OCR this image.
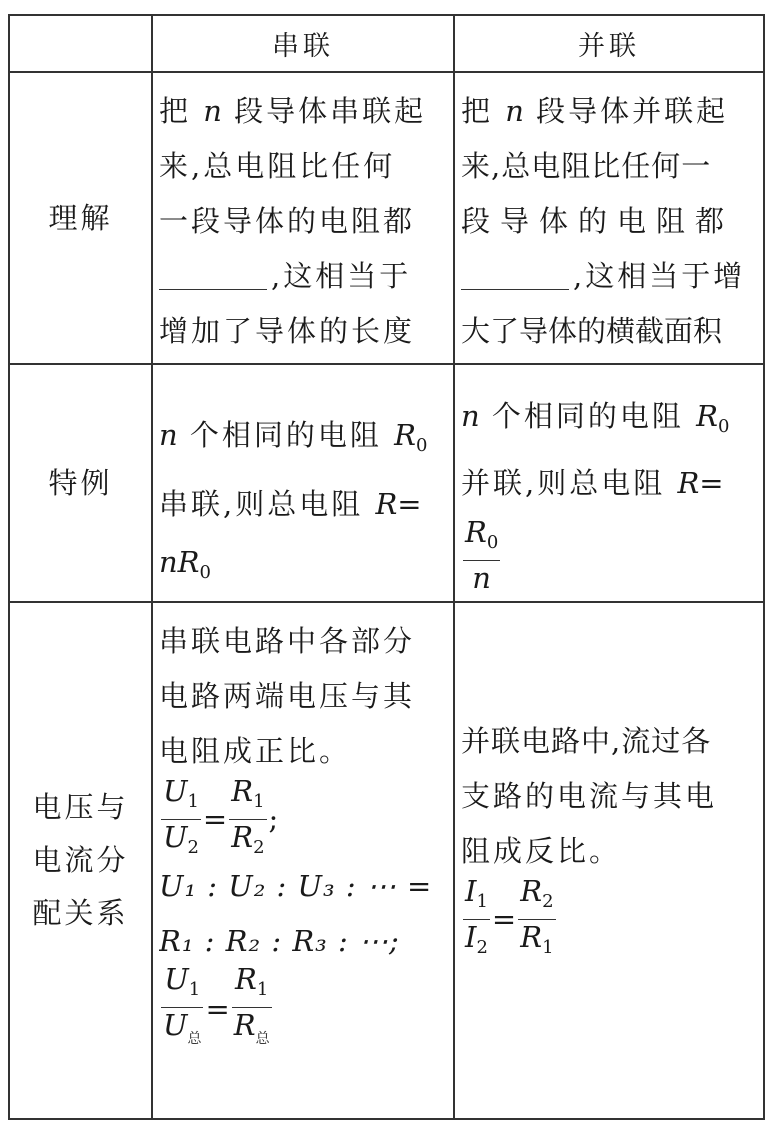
串联	并联
理解
把 n 段导体串联起
来,总电阻比任何
一段导体的电阻都
,这相当于
增加了导体的长度
把 n 段导体并联起
来,总电阻比任何一
段导体的电阻都
,这相当于增
大了导体的横截面积
特例
n 个相同的电阻 $R_0$
串联,则总电阻 R=
$nR_0$
n 个相同的电阻 $R_0$
并联,则总电阻 R=
$\frac{R_0}{n}$
电压与
电流分
配关系
串联电路中各部分
电路两端电压与其
电阻成正比。
$\frac{U_1}{U_2} = \frac{R_1}{R_2}$ ;
U₁ : U₂ : U₃ : ⋯ =
R₁ : R₂ : R₃ : ⋯;
$\frac{U_1}{U_总} = \frac{R_1}{R_总}$
并联电路中,流过各
支路的电流与其电
阻成反比。
$\frac{I_1}{I_2} = \frac{R_2}{R_1}$
